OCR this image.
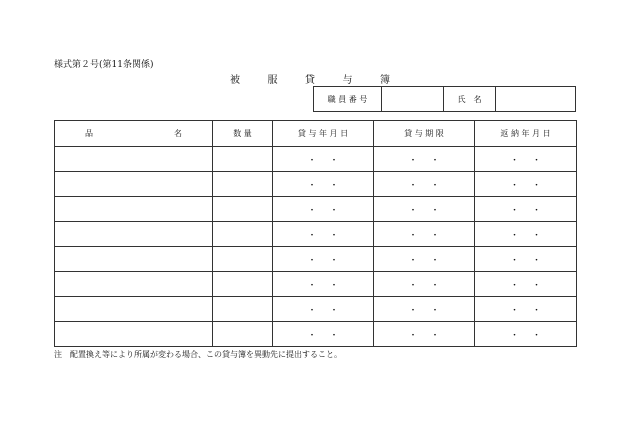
様式第２号(第11条関係)
被	服	貸	与	簿
職 員 番 号		氏　名	
品 名	数 量	貸 与 年 月 日	貸 与 期 限	返 納 年 月 日
		・ ・	・ ・	・ ・
		・ ・	・ ・	・ ・
		・ ・	・ ・	・ ・
		・ ・	・ ・	・ ・
		・ ・	・ ・	・ ・
		・ ・	・ ・	・ ・
		・ ・	・ ・	・ ・
		・ ・	・ ・	・ ・
注　配置換え等により所属が変わる場合、この貸与簿を異動先に提出すること。
